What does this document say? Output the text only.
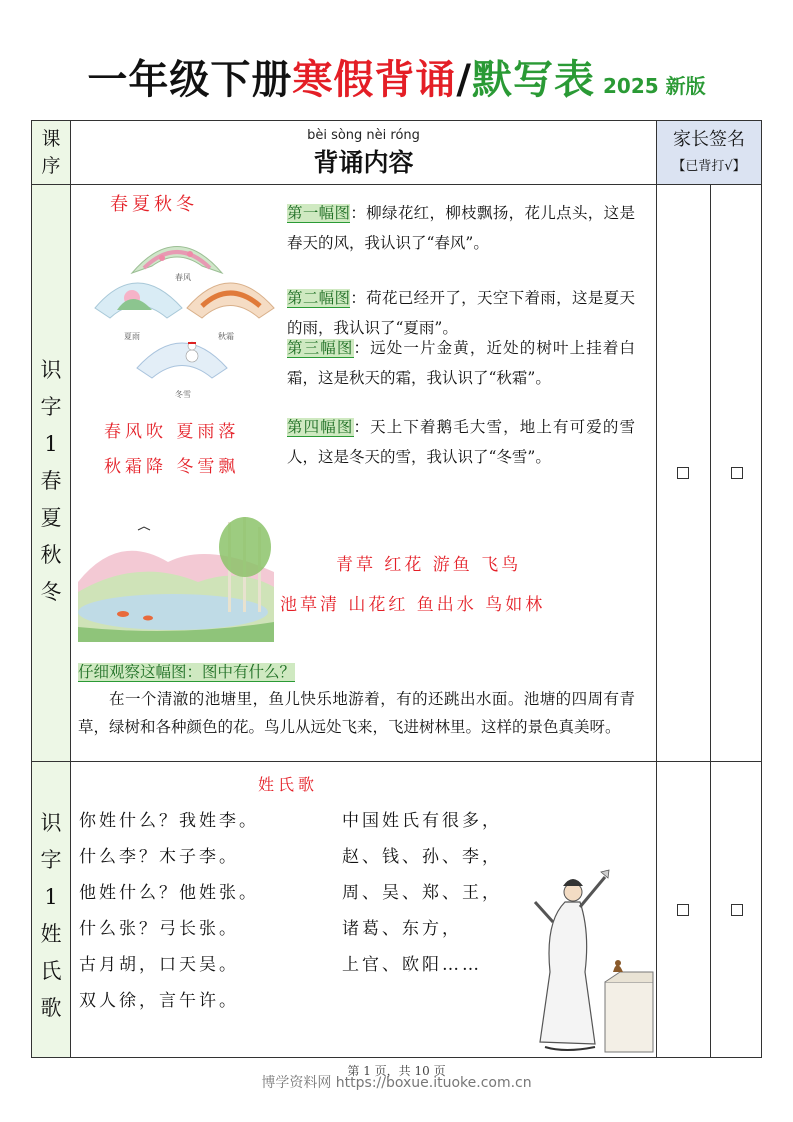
一年级下册寒假背诵/默写表 2025 新版
课
序
bèi sòng nèi róng
背诵内容
家长签名
【已背打√】
识
字
1
春
夏
秋
冬
春夏秋冬
春风
夏雨	秋霜
冬雪
春风吹 夏雨落
秋霜降 冬雪飘
第一幅图：柳绿花红，柳枝飘扬，花儿点头，这是春天的风，我认识了“春风”。
第二幅图：荷花已经开了，天空下着雨，这是夏天的雨，我认识了“夏雨”。
第三幅图：远处一片金黄，近处的树叶上挂着白霜，这是秋天的霜，我认识了“秋霜”。
第四幅图：天上下着鹅毛大雪，地上有可爱的雪人，这是冬天的雪，我认识了“冬雪”。
青草 红花 游鱼 飞鸟
池草清 山花红 鱼出水 鸟如林
仔细观察这幅图：图中有什么？
在一个清澈的池塘里，鱼儿快乐地游着，有的还跳出水面。池塘的四周有青草，绿树和各种颜色的花。鸟儿从远处飞来，飞进树林里。这样的景色真美呀。
识
字
1
姓
氏
歌
姓氏歌
你姓什么？我姓李。
什么李？木子李。
他姓什么？他姓张。
什么张？弓长张。
古月胡，口天吴。
双人徐，言午许。
中国姓氏有很多，
赵、钱、孙、李，
周、吴、郑、王，
诸葛、东方，
上官、欧阳……
第 1 页，共 10 页
博学资料网 https://boxue.ituoke.com.cn
